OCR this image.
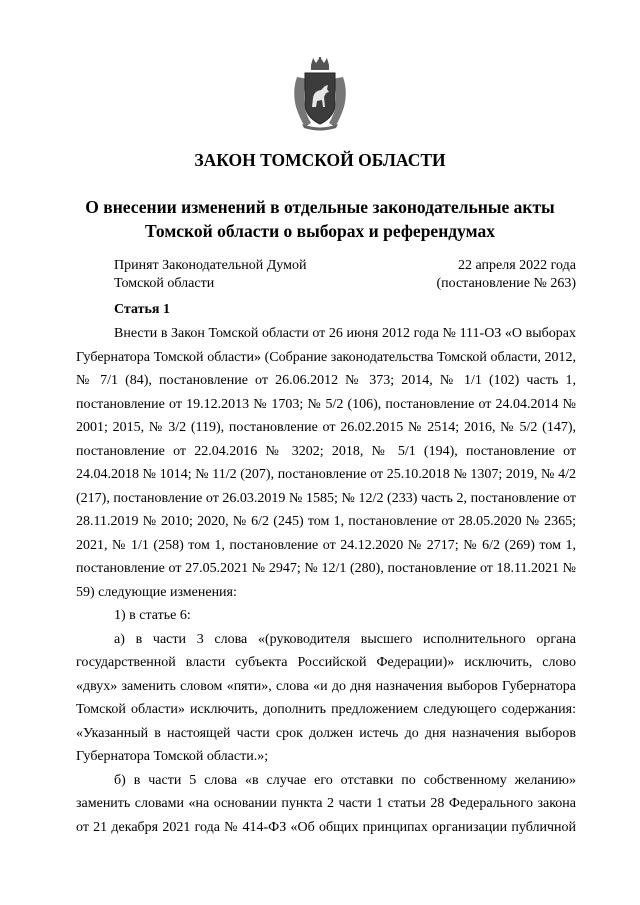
ЗАКОН ТОМСКОЙ ОБЛАСТИ
О внесении изменений в отдельные законодательные акты Томской области о выборах и референдумах
Принят Законодательной Думой	22 апреля 2022 года
Томской области	(постановление № 263)
Статья 1

Внести в Закон Томской области от 26 июня 2012 года № 111-ОЗ «О выборах Губернатора Томской области» (Собрание законодательства Томской области, 2012, № 7/1 (84), постановление от 26.06.2012 № 373; 2014, № 1/1 (102) часть 1, постановление от 19.12.2013 № 1703; № 5/2 (106), постановление от 24.04.2014 № 2001; 2015, № 3/2 (119), постановление от 26.02.2015 № 2514; 2016, № 5/2 (147), постановление от 22.04.2016 № 3202; 2018, № 5/1 (194), постановление от 24.04.2018 № 1014; № 11/2 (207), постановление от 25.10.2018 № 1307; 2019, № 4/2 (217), постановление от 26.03.2019 № 1585; № 12/2 (233) часть 2, постановление от 28.11.2019 № 2010; 2020, № 6/2 (245) том 1, постановление от 28.05.2020 № 2365; 2021, № 1/1 (258) том 1, постановление от 24.12.2020 № 2717; № 6/2 (269) том 1, постановление от 27.05.2021 № 2947; № 12/1 (280), постановление от 18.11.2021 № 59) следующие изменения:

1) в статье 6:

а) в части 3 слова «(руководителя высшего исполнительного органа государственной власти субъекта Российской Федерации)» исключить, слово «двух» заменить словом «пяти», слова «и до дня назначения выборов Губернатора Томской области» исключить, дополнить предложением следующего содержания: «Указанный в настоящей части срок должен истечь до дня назначения выборов Губернатора Томской области.»;

б) в части 5 слова «в случае его отставки по собственному желанию» заменить словами «на основании пункта 2 части 1 статьи 28 Федерального закона от 21 декабря 2021 года № 414-ФЗ «Об общих принципах организации публичной
